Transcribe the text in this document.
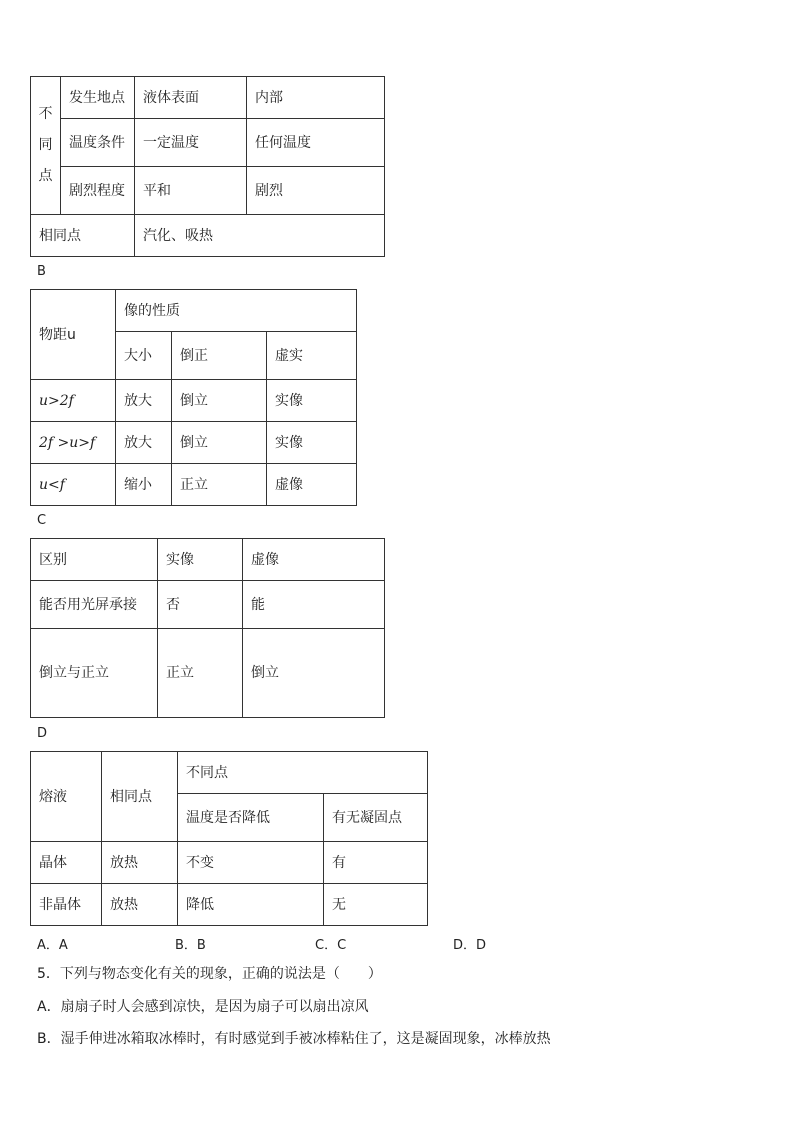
不
同
点	发生地点	液体表面	内部
	温度条件	一定温度	任何温度
	剧烈程度	平和	剧烈
相同点		汽化、吸热	
B
物距u	像的性质		
	大小	倒正	虚实
u>2f	放大	倒立	实像
2f >u>f	放大	倒立	实像
u<f	缩小	正立	虚像
C
区别	实像	虚像
能否用光屏承接	否	能
倒立与正立	正立	倒立
D
熔液	相同点	不同点	
		温度是否降低	有无凝固点
晶体	放热	不变	有
非晶体	放热	降低	无
A．A	B．B	C．C	D．D
5．下列与物态变化有关的现象，正确的说法是（　　）
A．扇扇子时人会感到凉快，是因为扇子可以扇出凉风
B．湿手伸进冰箱取冰棒时，有时感觉到手被冰棒粘住了，这是凝固现象，冰棒放热
